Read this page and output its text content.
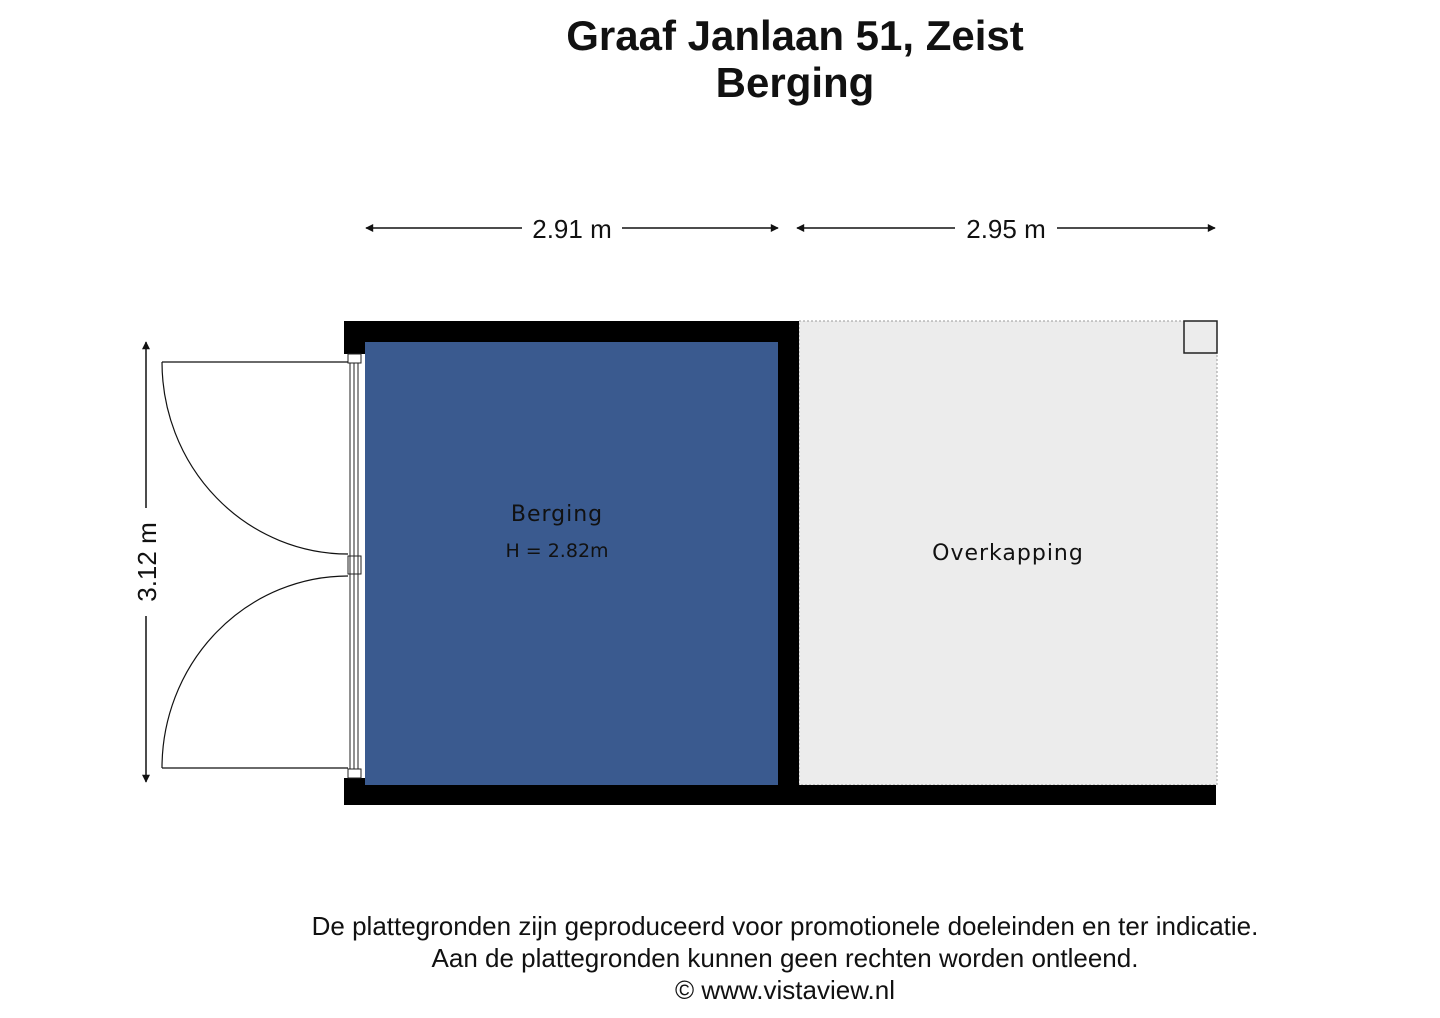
Graaf Janlaan 51, Zeist
Berging
2.91 m	2.95 m
3.12 m
Berging
H = 2.82m	Overkapping
De plattegronden zijn geproduceerd voor promotionele doeleinden en ter indicatie.
Aan de plattegronden kunnen geen rechten worden ontleend.
© www.vistaview.nl
